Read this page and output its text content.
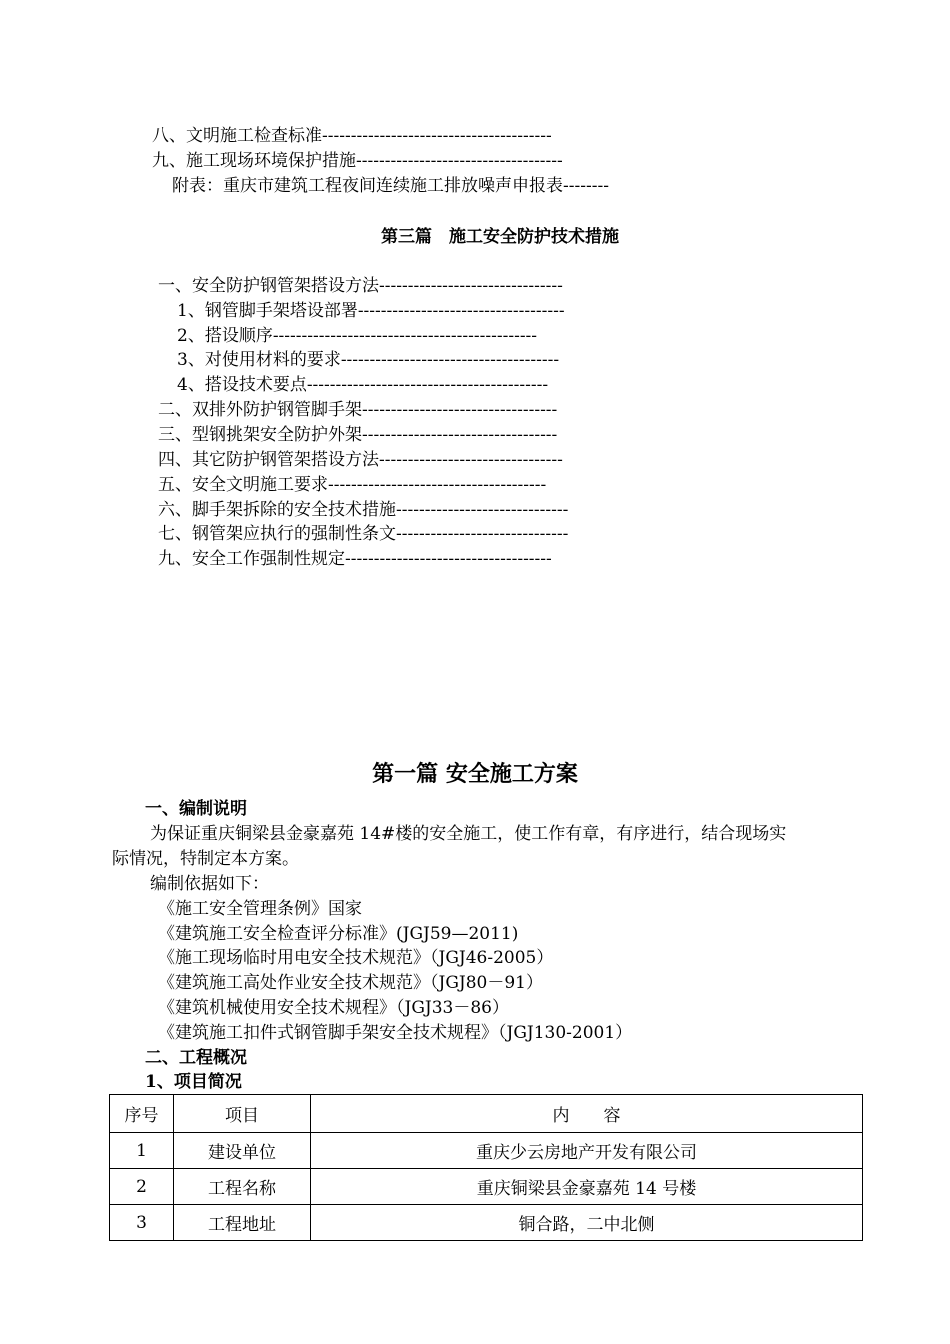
八、文明施工检查标准----------------------------------------
九、施工现场环境保护措施------------------------------------
附表：重庆市建筑工程夜间连续施工排放噪声申报表--------
第三篇　施工安全防护技术措施
一、安全防护钢管架搭设方法--------------------------------
1、钢管脚手架塔设部署------------------------------------
2、搭设顺序----------------------------------------------
3、对使用材料的要求--------------------------------------
4、搭设技术要点------------------------------------------
二、双排外防护钢管脚手架----------------------------------
三、型钢挑架安全防护外架----------------------------------
四、其它防护钢管架搭设方法--------------------------------
五、安全文明施工要求--------------------------------------
六、脚手架拆除的安全技术措施------------------------------
七、钢管架应执行的强制性条文------------------------------
九、安全工作强制性规定------------------------------------
第一篇 安全施工方案
一、编制说明
为保证重庆铜梁县金豪嘉苑 14#楼的安全施工，使工作有章，有序进行，结合现场实
际情况，特制定本方案。
编制依据如下：
《施工安全管理条例》国家
《建筑施工安全检查评分标准》(JGJ59—2011)
《施工现场临时用电安全技术规范》（JGJ46-2005）
《建筑施工高处作业安全技术规范》（JGJ80－91）
《建筑机械使用安全技术规程》（JGJ33－86）
《建筑施工扣件式钢管脚手架安全技术规程》（JGJ130-2001）
二、工程概况
1、项目简况
序号	项目	内　　容
1	建设单位	重庆少云房地产开发有限公司
2	工程名称	重庆铜梁县金豪嘉苑 14 号楼
3	工程地址	铜合路，二中北侧
